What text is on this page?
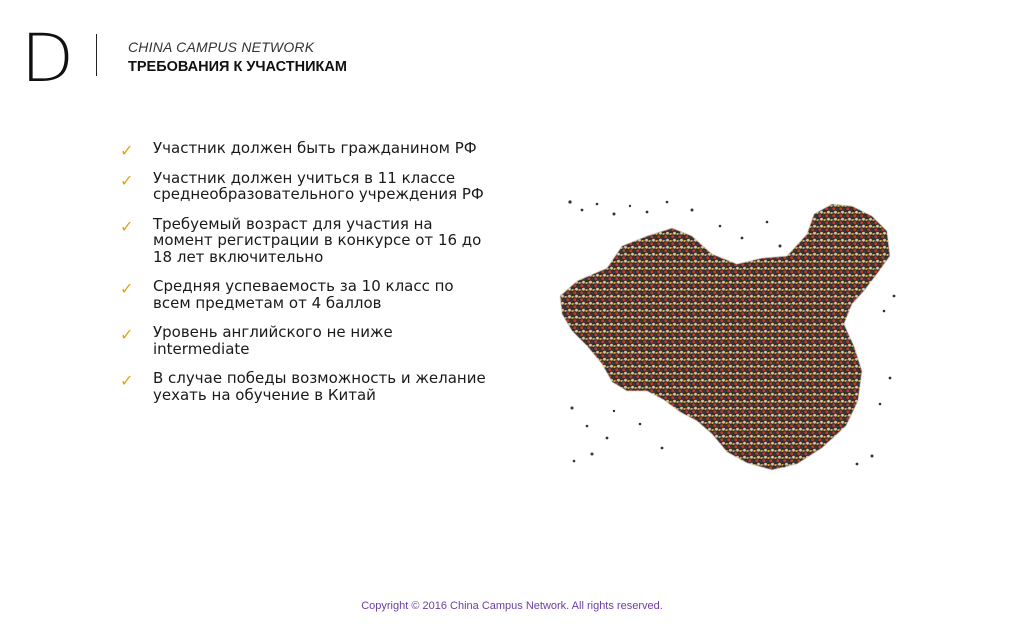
D	CHINA CAMPUS NETWORK
ТРЕБОВАНИЯ К УЧАСТНИКАМ
✓ Участник должен быть гражданином РФ
✓ Участник должен учиться в 11 классе
среднеобразовательного учреждения РФ
✓ Требуемый возраст для участия на
момент регистрации в конкурсе от 16 до
18 лет включительно
✓ Средняя успеваемость за 10 класс по
всем предметам от 4 баллов
✓ Уровень английского не ниже
intermediate
✓ В случае победы возможность и желание
уехать на обучение в Китай
Copyright © 2016 China Campus Network. All rights reserved.
